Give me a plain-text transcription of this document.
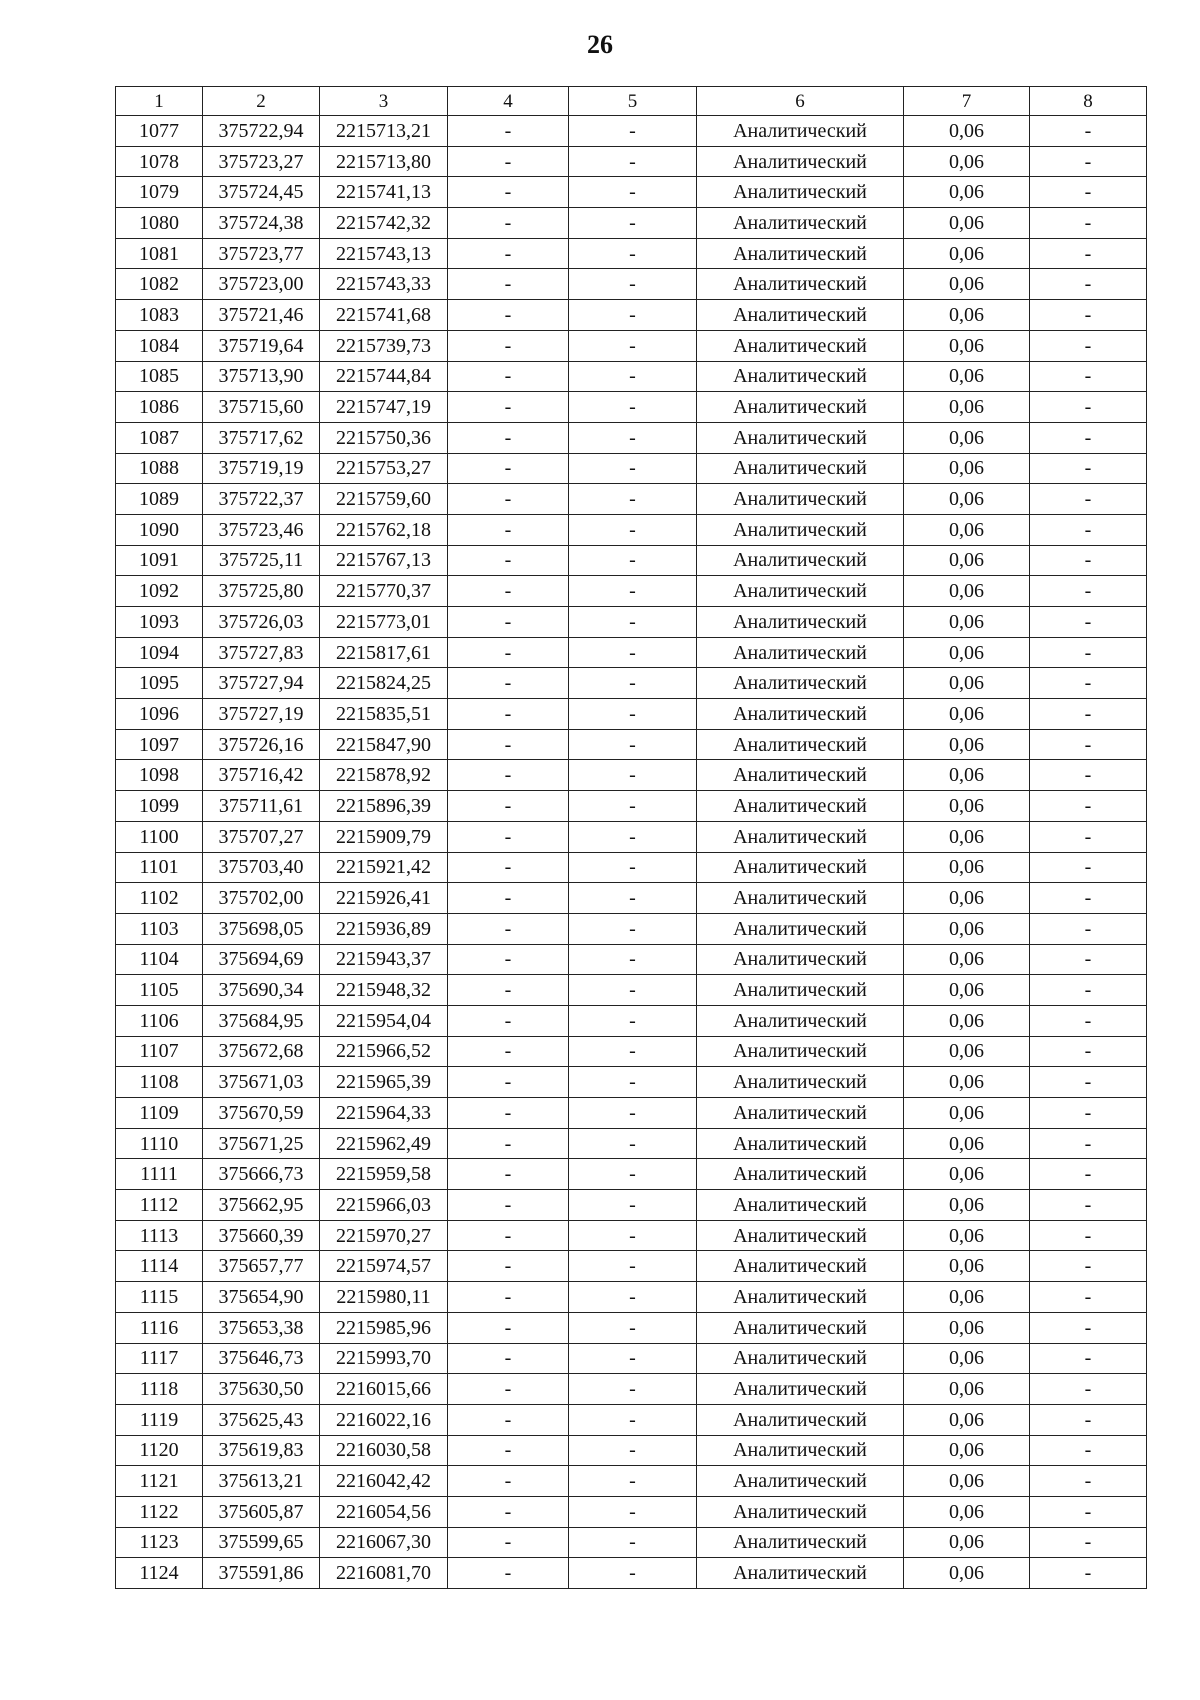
26
1	2	3	4	5	6	7	8
1077	375722,94	2215713,21	-	-	Аналитический	0,06	-
1078	375723,27	2215713,80	-	-	Аналитический	0,06	-
1079	375724,45	2215741,13	-	-	Аналитический	0,06	-
1080	375724,38	2215742,32	-	-	Аналитический	0,06	-
1081	375723,77	2215743,13	-	-	Аналитический	0,06	-
1082	375723,00	2215743,33	-	-	Аналитический	0,06	-
1083	375721,46	2215741,68	-	-	Аналитический	0,06	-
1084	375719,64	2215739,73	-	-	Аналитический	0,06	-
1085	375713,90	2215744,84	-	-	Аналитический	0,06	-
1086	375715,60	2215747,19	-	-	Аналитический	0,06	-
1087	375717,62	2215750,36	-	-	Аналитический	0,06	-
1088	375719,19	2215753,27	-	-	Аналитический	0,06	-
1089	375722,37	2215759,60	-	-	Аналитический	0,06	-
1090	375723,46	2215762,18	-	-	Аналитический	0,06	-
1091	375725,11	2215767,13	-	-	Аналитический	0,06	-
1092	375725,80	2215770,37	-	-	Аналитический	0,06	-
1093	375726,03	2215773,01	-	-	Аналитический	0,06	-
1094	375727,83	2215817,61	-	-	Аналитический	0,06	-
1095	375727,94	2215824,25	-	-	Аналитический	0,06	-
1096	375727,19	2215835,51	-	-	Аналитический	0,06	-
1097	375726,16	2215847,90	-	-	Аналитический	0,06	-
1098	375716,42	2215878,92	-	-	Аналитический	0,06	-
1099	375711,61	2215896,39	-	-	Аналитический	0,06	-
1100	375707,27	2215909,79	-	-	Аналитический	0,06	-
1101	375703,40	2215921,42	-	-	Аналитический	0,06	-
1102	375702,00	2215926,41	-	-	Аналитический	0,06	-
1103	375698,05	2215936,89	-	-	Аналитический	0,06	-
1104	375694,69	2215943,37	-	-	Аналитический	0,06	-
1105	375690,34	2215948,32	-	-	Аналитический	0,06	-
1106	375684,95	2215954,04	-	-	Аналитический	0,06	-
1107	375672,68	2215966,52	-	-	Аналитический	0,06	-
1108	375671,03	2215965,39	-	-	Аналитический	0,06	-
1109	375670,59	2215964,33	-	-	Аналитический	0,06	-
1110	375671,25	2215962,49	-	-	Аналитический	0,06	-
1111	375666,73	2215959,58	-	-	Аналитический	0,06	-
1112	375662,95	2215966,03	-	-	Аналитический	0,06	-
1113	375660,39	2215970,27	-	-	Аналитический	0,06	-
1114	375657,77	2215974,57	-	-	Аналитический	0,06	-
1115	375654,90	2215980,11	-	-	Аналитический	0,06	-
1116	375653,38	2215985,96	-	-	Аналитический	0,06	-
1117	375646,73	2215993,70	-	-	Аналитический	0,06	-
1118	375630,50	2216015,66	-	-	Аналитический	0,06	-
1119	375625,43	2216022,16	-	-	Аналитический	0,06	-
1120	375619,83	2216030,58	-	-	Аналитический	0,06	-
1121	375613,21	2216042,42	-	-	Аналитический	0,06	-
1122	375605,87	2216054,56	-	-	Аналитический	0,06	-
1123	375599,65	2216067,30	-	-	Аналитический	0,06	-
1124	375591,86	2216081,70	-	-	Аналитический	0,06	-
